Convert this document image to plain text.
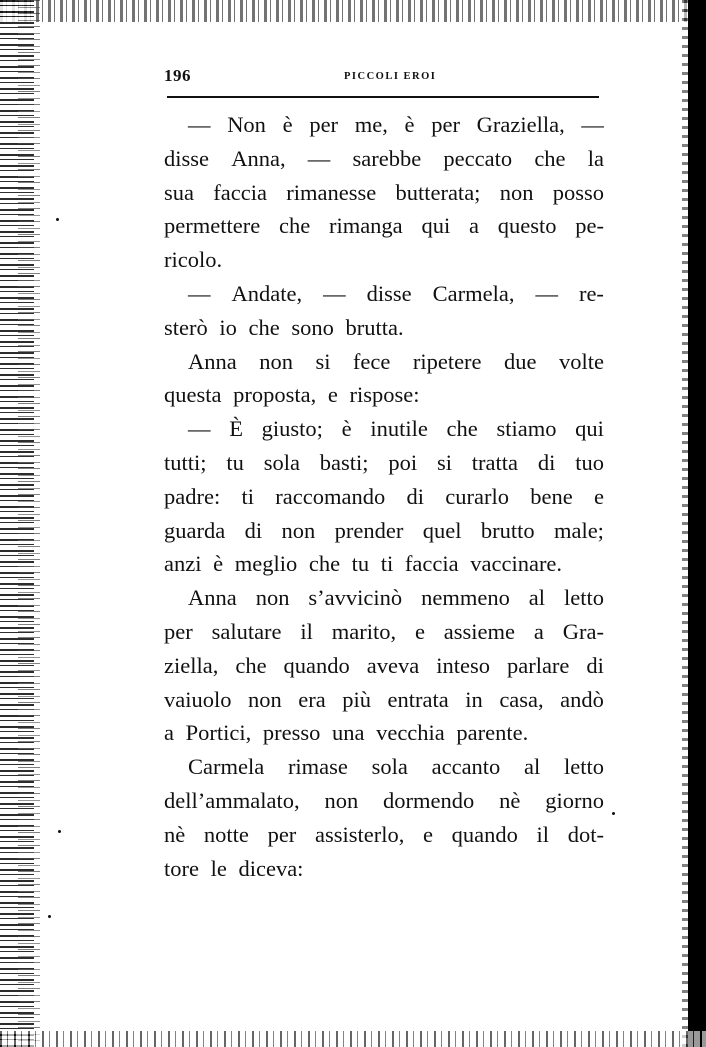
196	PICCOLI EROI
— Non è per me, è per Graziella, —
disse Anna, — sarebbe peccato che la
sua faccia rimanesse butterata; non posso
permettere che rimanga qui a questo pe-
ricolo.
— Andate, — disse Carmela, — re-
sterò io che sono brutta.
Anna non si fece ripetere due volte
questa proposta, e rispose:
— È giusto; è inutile che stiamo qui
tutti; tu sola basti; poi si tratta di tuo
padre: ti raccomando di curarlo bene e
guarda di non prender quel brutto male;
anzi è meglio che tu ti faccia vaccinare.
Anna non s’avvicinò nemmeno al letto
per salutare il marito, e assieme a Gra-
ziella, che quando aveva inteso parlare di
vaiuolo non era più entrata in casa, andò
a Portici, presso una vecchia parente.
Carmela rimase sola accanto al letto
dell’ammalato, non dormendo nè giorno
nè notte per assisterlo, e quando il dot-
tore le diceva:
